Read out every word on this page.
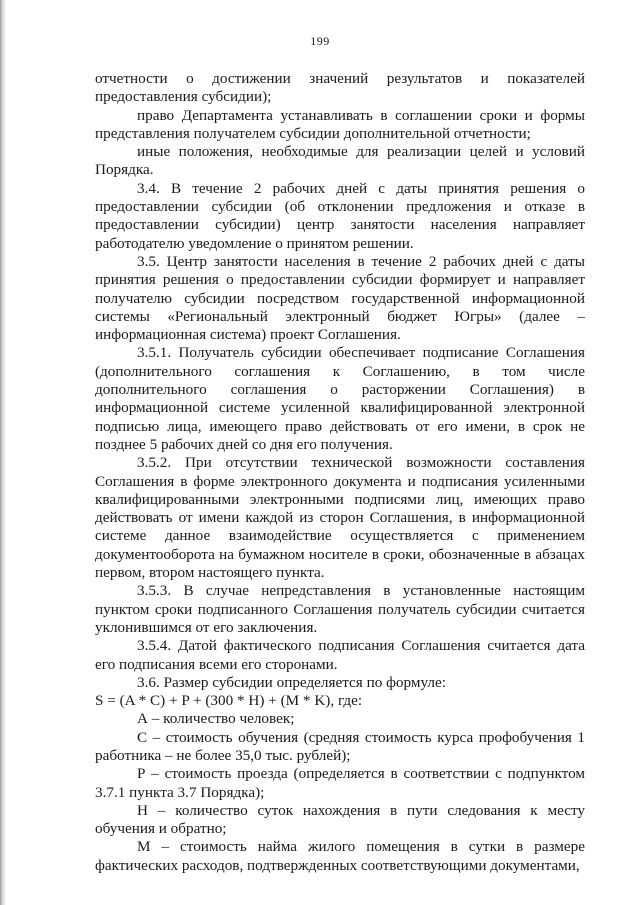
199

отчетности о достижении значений результатов и показателей предоставления субсидии);

право Департамента устанавливать в соглашении сроки и формы представления получателем субсидии дополнительной отчетности;

иные положения, необходимые для реализации целей и условий Порядка.

3.4. В течение 2 рабочих дней с даты принятия решения о предоставлении субсидии (об отклонении предложения и отказе в предоставлении субсидии) центр занятости населения направляет работодателю уведомление о принятом решении.

3.5. Центр занятости населения в течение 2 рабочих дней с даты принятия решения о предоставлении субсидии формирует и направляет получателю субсидии посредством государственной информационной системы «Региональный электронный бюджет Югры» (далее – информационная система) проект Соглашения.

3.5.1. Получатель субсидии обеспечивает подписание Соглашения (дополнительного соглашения к Соглашению, в том числе дополнительного соглашения о расторжении Соглашения) в информационной системе усиленной квалифицированной электронной подписью лица, имеющего право действовать от его имени, в срок не позднее 5 рабочих дней со дня его получения.

3.5.2. При отсутствии технической возможности составления Соглашения в форме электронного документа и подписания усиленными квалифицированными электронными подписями лиц, имеющих право действовать от имени каждой из сторон Соглашения, в информационной системе данное взаимодействие осуществляется с применением документооборота на бумажном носителе в сроки, обозначенные в абзацах первом, втором настоящего пункта.

3.5.3. В случае непредставления в установленные настоящим пунктом сроки подписанного Соглашения получатель субсидии считается уклонившимся от его заключения.

3.5.4. Датой фактического подписания Соглашения считается дата его подписания всеми его сторонами.

3.6. Размер субсидии определяется по формуле:

S = (A * C) + P + (300 * H) + (M * K), где:

А – количество человек;

С – стоимость обучения (средняя стоимость курса профобучения 1 работника – не более 35,0 тыс. рублей);

Р – стоимость проезда (определяется в соответствии с подпунктом 3.7.1 пункта 3.7 Порядка);

Н – количество суток нахождения в пути следования к месту обучения и обратно;

М – стоимость найма жилого помещения в сутки в размере фактических расходов, подтвержденных соответствующими документами,
